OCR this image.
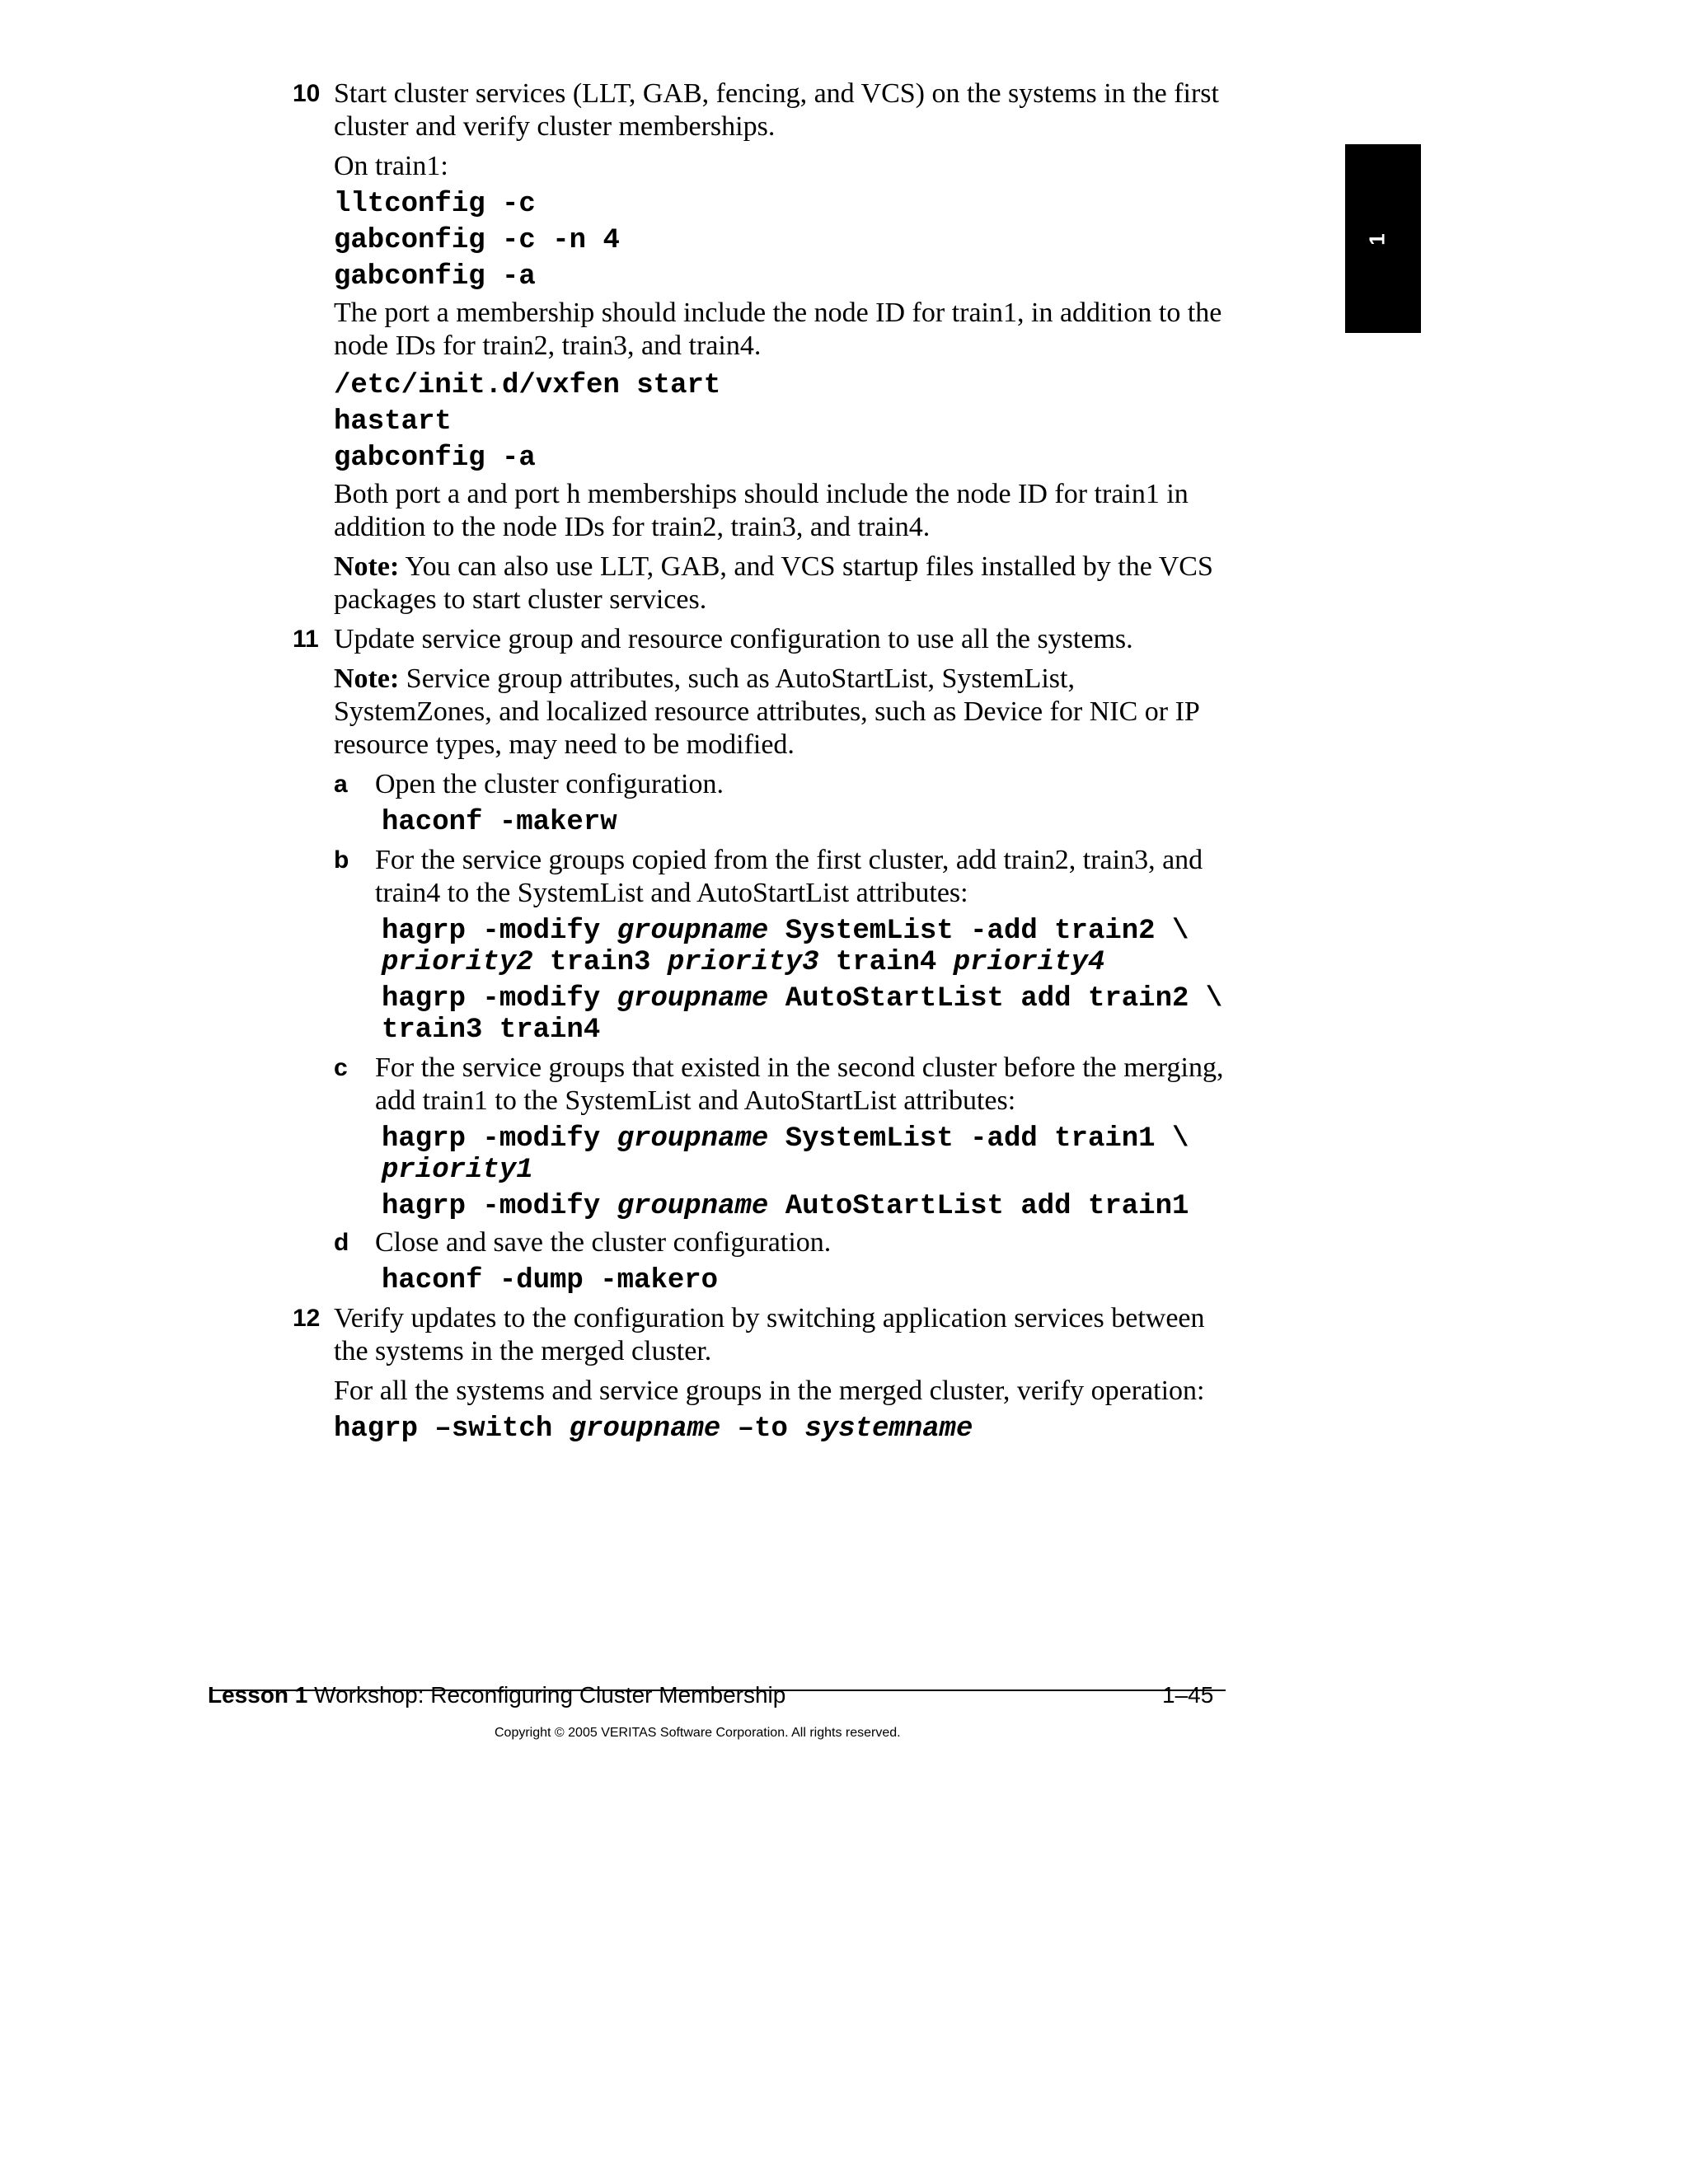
1
10 Start cluster services (LLT, GAB, fencing, and VCS) on the systems in the first
cluster and verify cluster memberships.
On train1:
lltconfig -c
gabconfig -c -n 4
gabconfig -a
The port a membership should include the node ID for train1, in addition to the
node IDs for train2, train3, and train4.
/etc/init.d/vxfen start
hastart
gabconfig -a
Both port a and port h memberships should include the node ID for train1 in
addition to the node IDs for train2, train3, and train4.
Note: You can also use LLT, GAB, and VCS startup files installed by the VCS
packages to start cluster services.
11 Update service group and resource configuration to use all the systems.
Note: Service group attributes, such as AutoStartList, SystemList,
SystemZones, and localized resource attributes, such as Device for NIC or IP
resource types, may need to be modified.
a Open the cluster configuration.
haconf -makerw
b For the service groups copied from the first cluster, add train2, train3, and
train4 to the SystemList and AutoStartList attributes:
hagrp -modify groupname SystemList -add train2 \
priority2 train3 priority3 train4 priority4
hagrp -modify groupname AutoStartList add train2 \
train3 train4
c For the service groups that existed in the second cluster before the merging,
add train1 to the SystemList and AutoStartList attributes:
hagrp -modify groupname SystemList -add train1 \
priority1
hagrp -modify groupname AutoStartList add train1
d Close and save the cluster configuration.
haconf -dump -makero
12 Verify updates to the configuration by switching application services between
the systems in the merged cluster.
For all the systems and service groups in the merged cluster, verify operation:
hagrp –switch groupname –to systemname
Lesson 1 Workshop: Reconfiguring Cluster Membership	1–45
Copyright © 2005 VERITAS Software Corporation. All rights reserved.
